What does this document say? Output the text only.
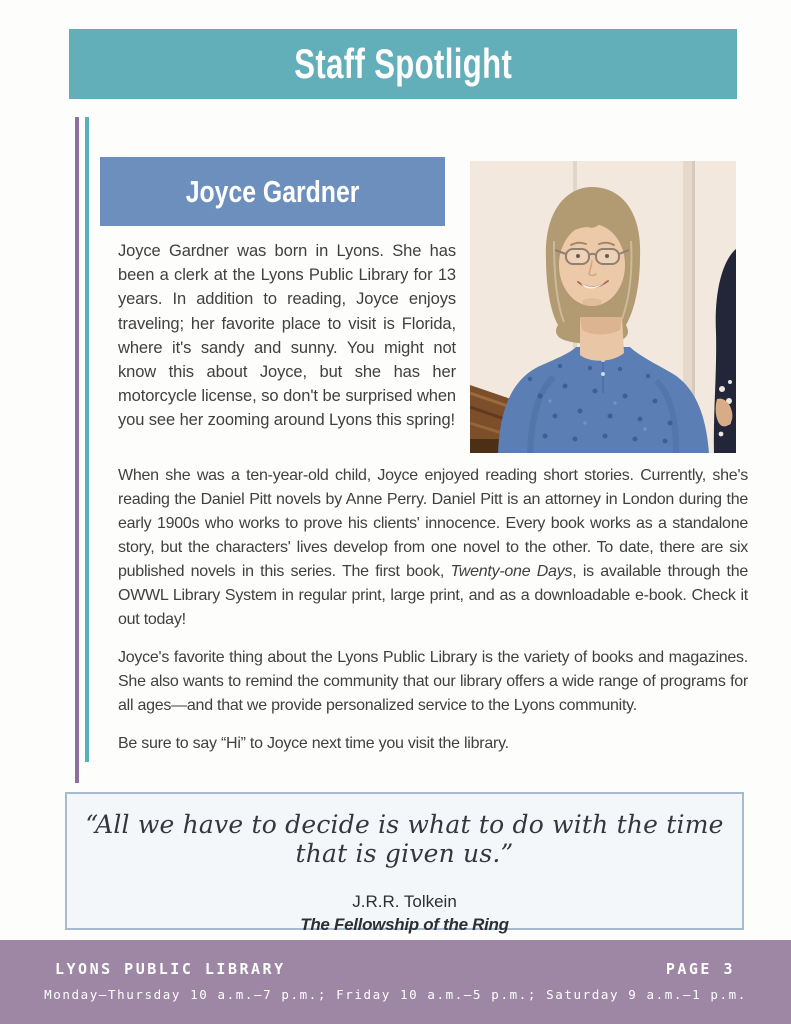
Staff Spotlight
Joyce Gardner
Joyce Gardner was born in Lyons. She has been a clerk at the Lyons Public Library for 13 years. In addition to reading, Joyce enjoys traveling; her favorite place to visit is Florida, where it's sandy and sunny. You might not know this about Joyce, but she has her motorcycle license, so don't be surprised when you see her zooming around Lyons this spring!

When she was a ten-year-old child, Joyce enjoyed reading short stories. Currently, she's reading the Daniel Pitt novels by Anne Perry. Daniel Pitt is an attorney in London during the early 1900s who works to prove his clients' innocence. Every book works as a standalone story, but the characters' lives develop from one novel to the other. To date, there are six published novels in this series. The first book, Twenty-one Days, is available through the OWWL Library System in regular print, large print, and as a downloadable e-book. Check it out today!

Joyce's favorite thing about the Lyons Public Library is the variety of books and magazines. She also wants to remind the community that our library offers a wide range of programs for all ages—and that we provide personalized service to the Lyons community.

Be sure to say “Hi” to Joyce next time you visit the library.

“All we have to decide is what to do with the time that is given us.”
J.R.R. Tolkein
The Fellowship of the Ring
LYONS PUBLIC LIBRARY	PAGE 3
Monday–Thursday 10 a.m.–7 p.m.; Friday 10 a.m.–5 p.m.; Saturday 9 a.m.–1 p.m.
